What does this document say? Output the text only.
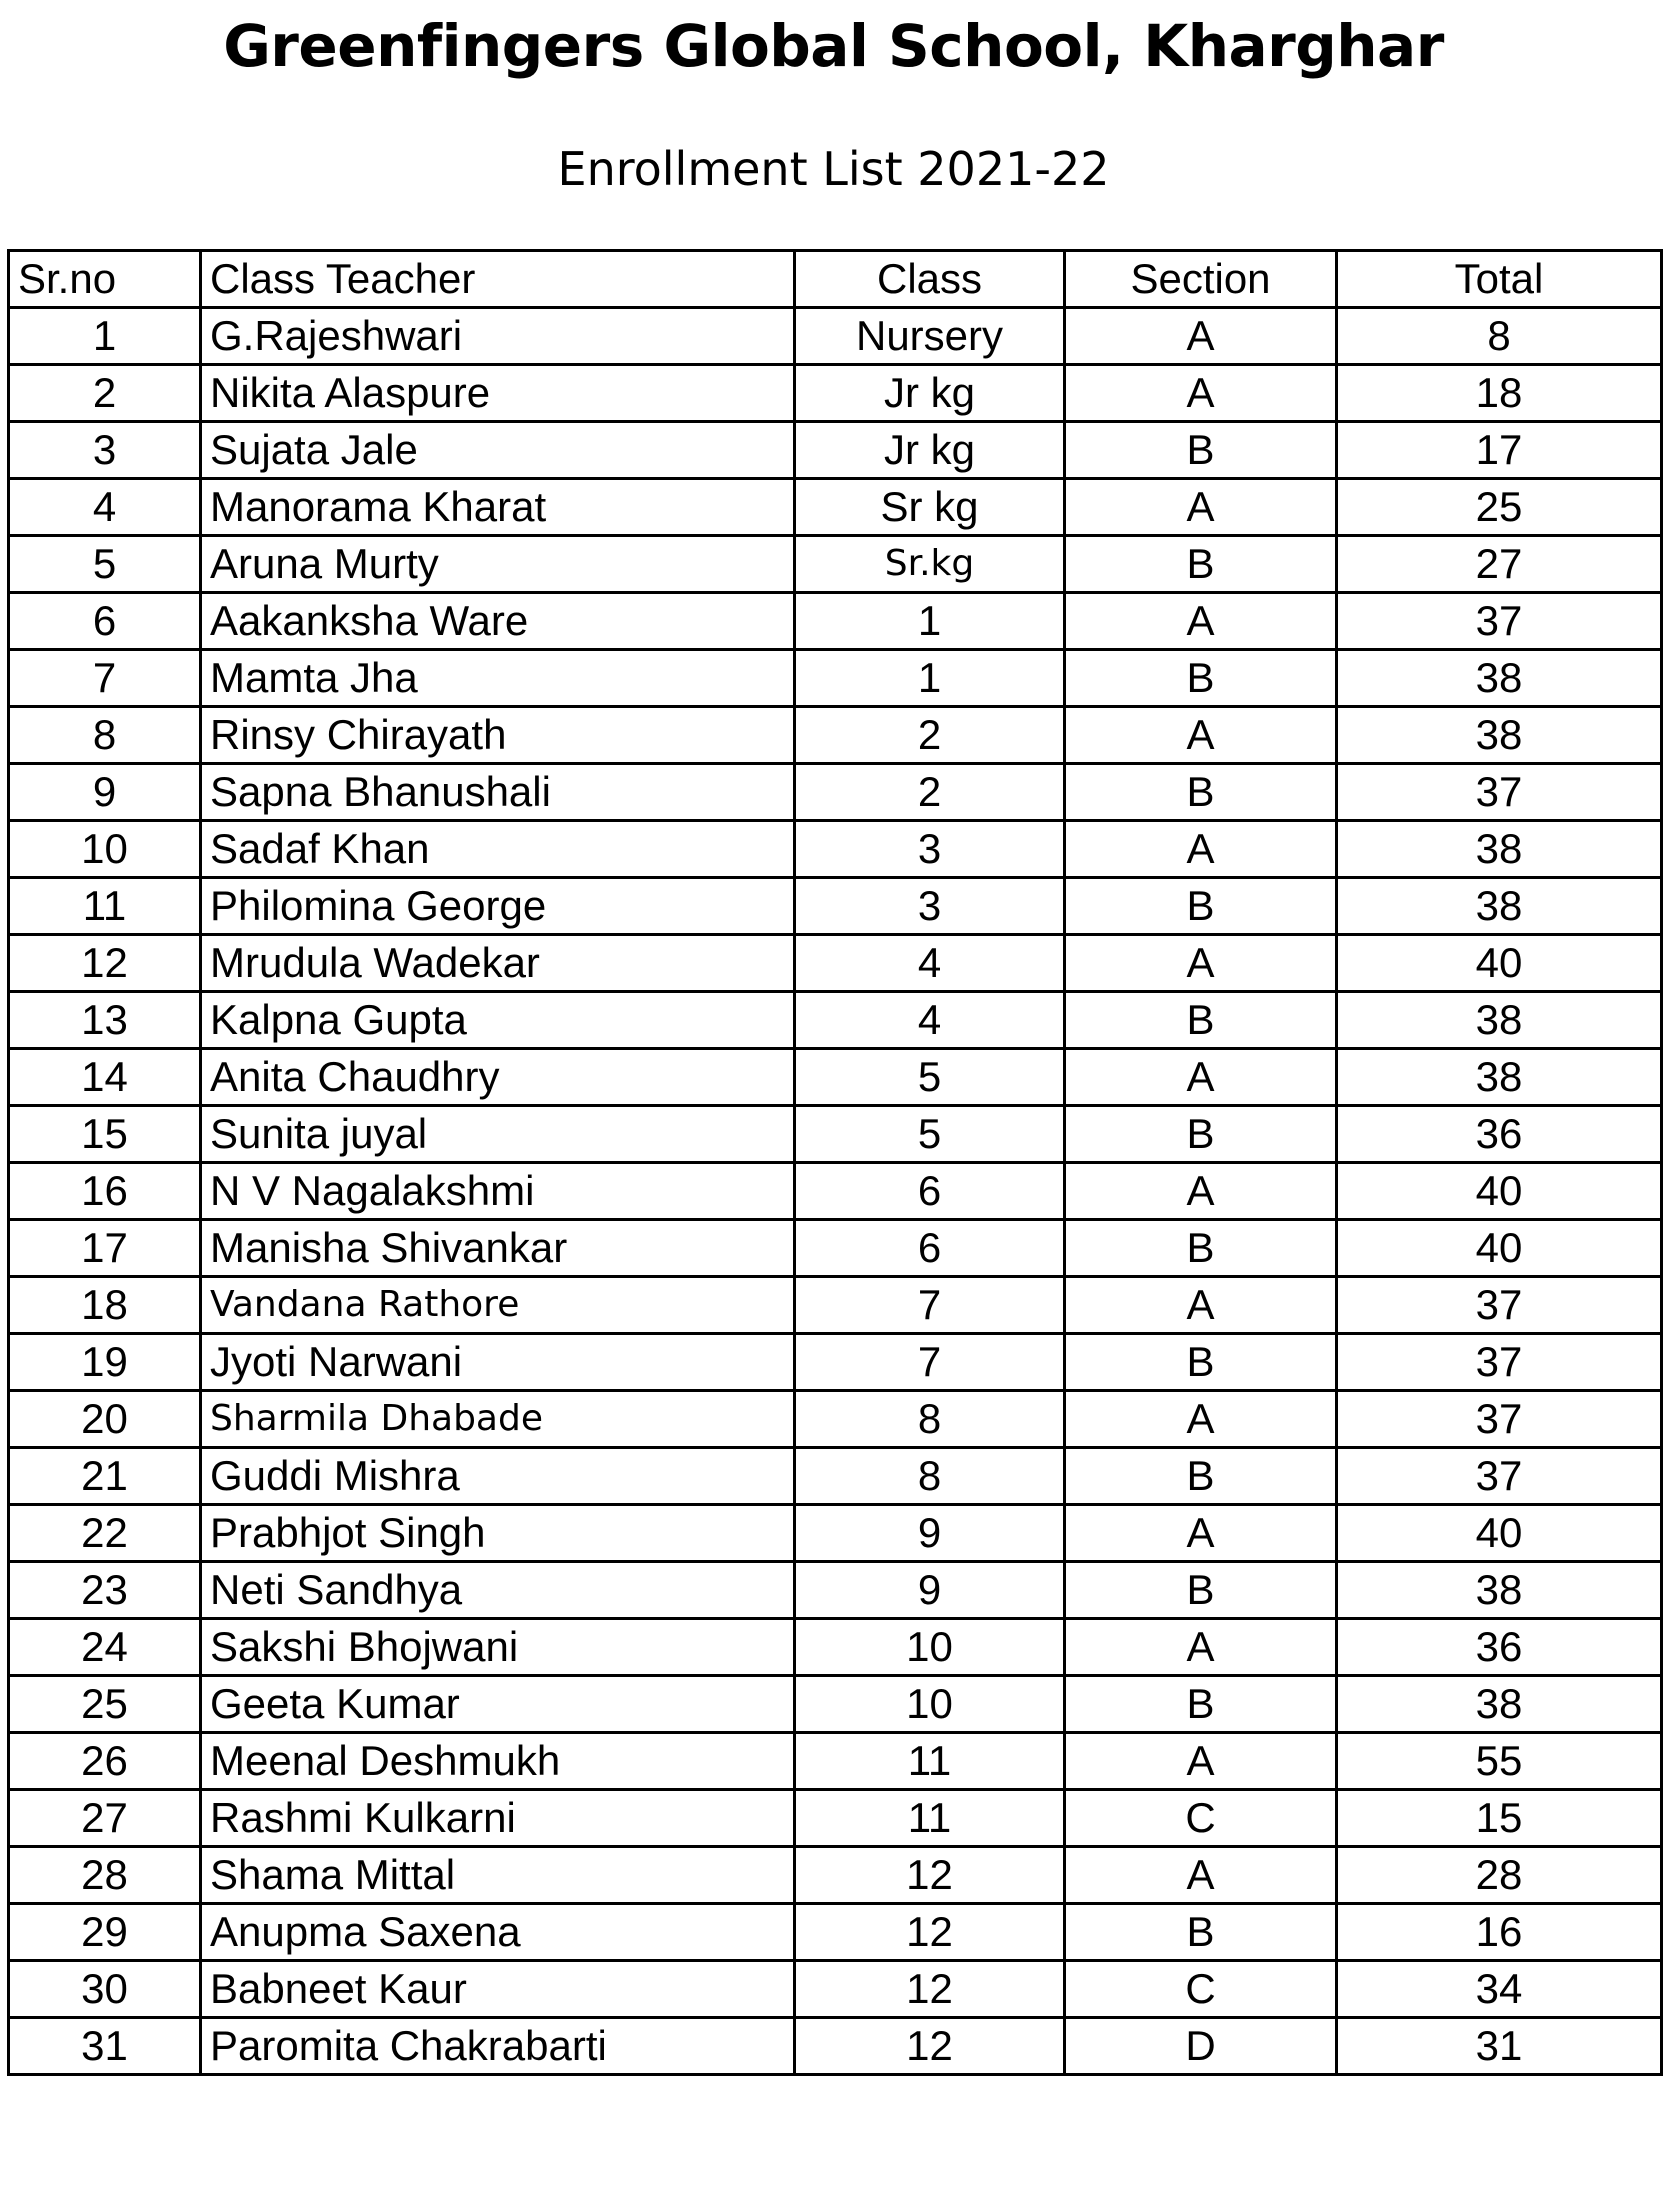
Greenfingers Global School, Kharghar
Enrollment List 2021-22
Sr.no	Class Teacher	Class	Section	Total
1	G.Rajeshwari	Nursery	A	8
2	Nikita Alaspure	Jr kg	A	18
3	Sujata Jale	Jr kg	B	17
4	Manorama Kharat	Sr kg	A	25
5	Aruna Murty	Sr.kg	B	27
6	Aakanksha Ware	1	A	37
7	Mamta Jha	1	B	38
8	Rinsy Chirayath	2	A	38
9	Sapna Bhanushali	2	B	37
10	Sadaf Khan	3	A	38
11	Philomina George	3	B	38
12	Mrudula Wadekar	4	A	40
13	Kalpna Gupta	4	B	38
14	Anita Chaudhry	5	A	38
15	Sunita juyal	5	B	36
16	N V Nagalakshmi	6	A	40
17	Manisha Shivankar	6	B	40
18	Vandana Rathore	7	A	37
19	Jyoti Narwani	7	B	37
20	Sharmila Dhabade	8	A	37
21	Guddi Mishra	8	B	37
22	Prabhjot Singh	9	A	40
23	Neti Sandhya	9	B	38
24	Sakshi Bhojwani	10	A	36
25	Geeta Kumar	10	B	38
26	Meenal Deshmukh	11	A	55
27	Rashmi Kulkarni	11	C	15
28	Shama Mittal	12	A	28
29	Anupma Saxena	12	B	16
30	Babneet Kaur	12	C	34
31	Paromita Chakrabarti	12	D	31
